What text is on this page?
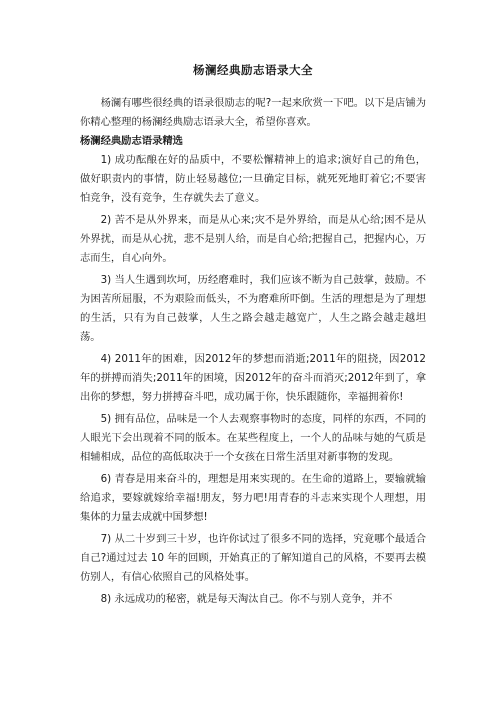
杨澜经典励志语录大全

杨澜有哪些很经典的语录很励志的呢?一起来欣赏一下吧。以下是店铺为你精心整理的杨澜经典励志语录大全，希望你喜欢。

杨澜经典励志语录精选

1) 成功酝酿在好的品质中，不要松懈精神上的追求;演好自己的角色，做好职责内的事情，防止轻易越位;一旦确定目标，就死死地盯着它;不要害怕竞争，没有竞争，生存就失去了意义。

2) 苦不是从外界来，而是从心来;灾不是外界给，而是从心给;困不是从外界扰，而是从心扰，悲不是别人给，而是自心给;把握自己，把握内心，万志而生，自心向外。

3) 当人生遇到坎坷，历经磨难时，我们应该不断为自己鼓掌，鼓励。不为困苦所屈服，不为艰险而低头，不为磨难所吓倒。生活的理想是为了理想的生活，只有为自己鼓掌，人生之路会越走越宽广，人生之路会越走越坦荡。

4) 2011年的困难，因2012年的梦想而消逝;2011年的阻挠，因2012年的拼搏而消失;2011年的困境，因2012年的奋斗而消灭;2012年到了，拿出你的梦想，努力拼搏奋斗吧，成功属于你，快乐跟随你，幸福拥着你!

5) 拥有品位，品味是一个人去观察事物时的态度，同样的东西，不同的人眼光下会出现着不同的版本。在某些程度上，一个人的品味与她的气质是相辅相成，品位的高低取决于一个女孩在日常生活里对新事物的发现。

6) 青春是用来奋斗的，理想是用来实现的。在生命的道路上，要输就输给追求，要嫁就嫁给幸福!朋友，努力吧!用青春的斗志来实现个人理想，用集体的力量去成就中国梦想!

7) 从二十岁到三十岁，也许你试过了很多不同的选择，究竟哪个最适合自己?通过过去 10 年的回顾，开始真正的了解知道自己的风格，不要再去模仿别人，有信心依照自己的风格处事。

8) 永远成功的秘密，就是每天淘汰自己。你不与别人竞争，并不
